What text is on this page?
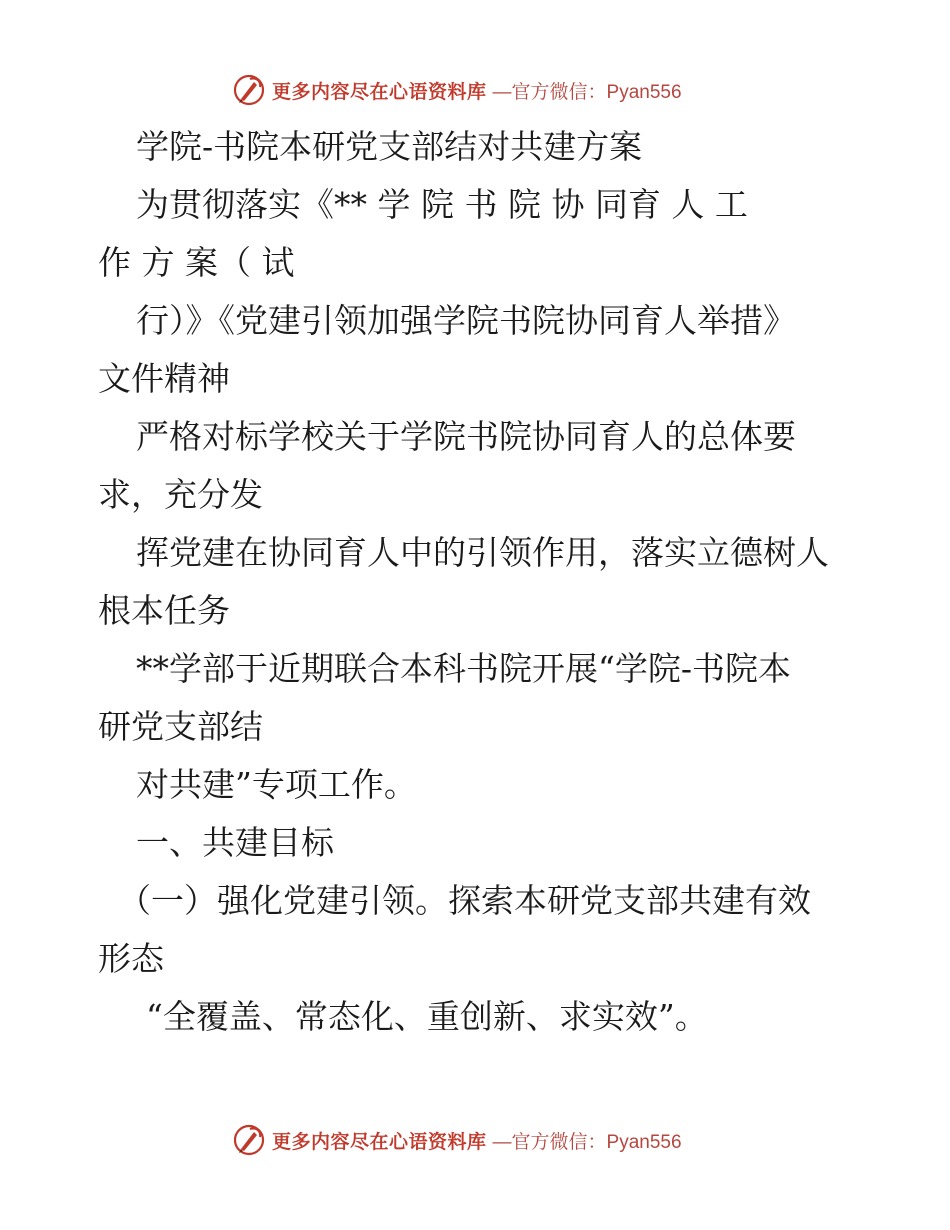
更多内容尽在心语资料库 —官方微信：Pyan556
学院-书院本研党支部结对共建方案
为贯彻落实《** 学 院 书 院 协 同育 人 工
作 方 案（ 试
行）》《党建引领加强学院书院协同育人举措》
文件精神
严格对标学校关于学院书院协同育人的总体要
求，充分发
挥党建在协同育人中的引领作用，落实立德树人
根本任务
**学部于近期联合本科书院开展“学院-书院本
研党支部结
对共建”专项工作。
一、共建目标
（一）强化党建引领。探索本研党支部共建有效
形态
“全覆盖、常态化、重创新、求实效”。
更多内容尽在心语资料库 —官方微信：Pyan556
